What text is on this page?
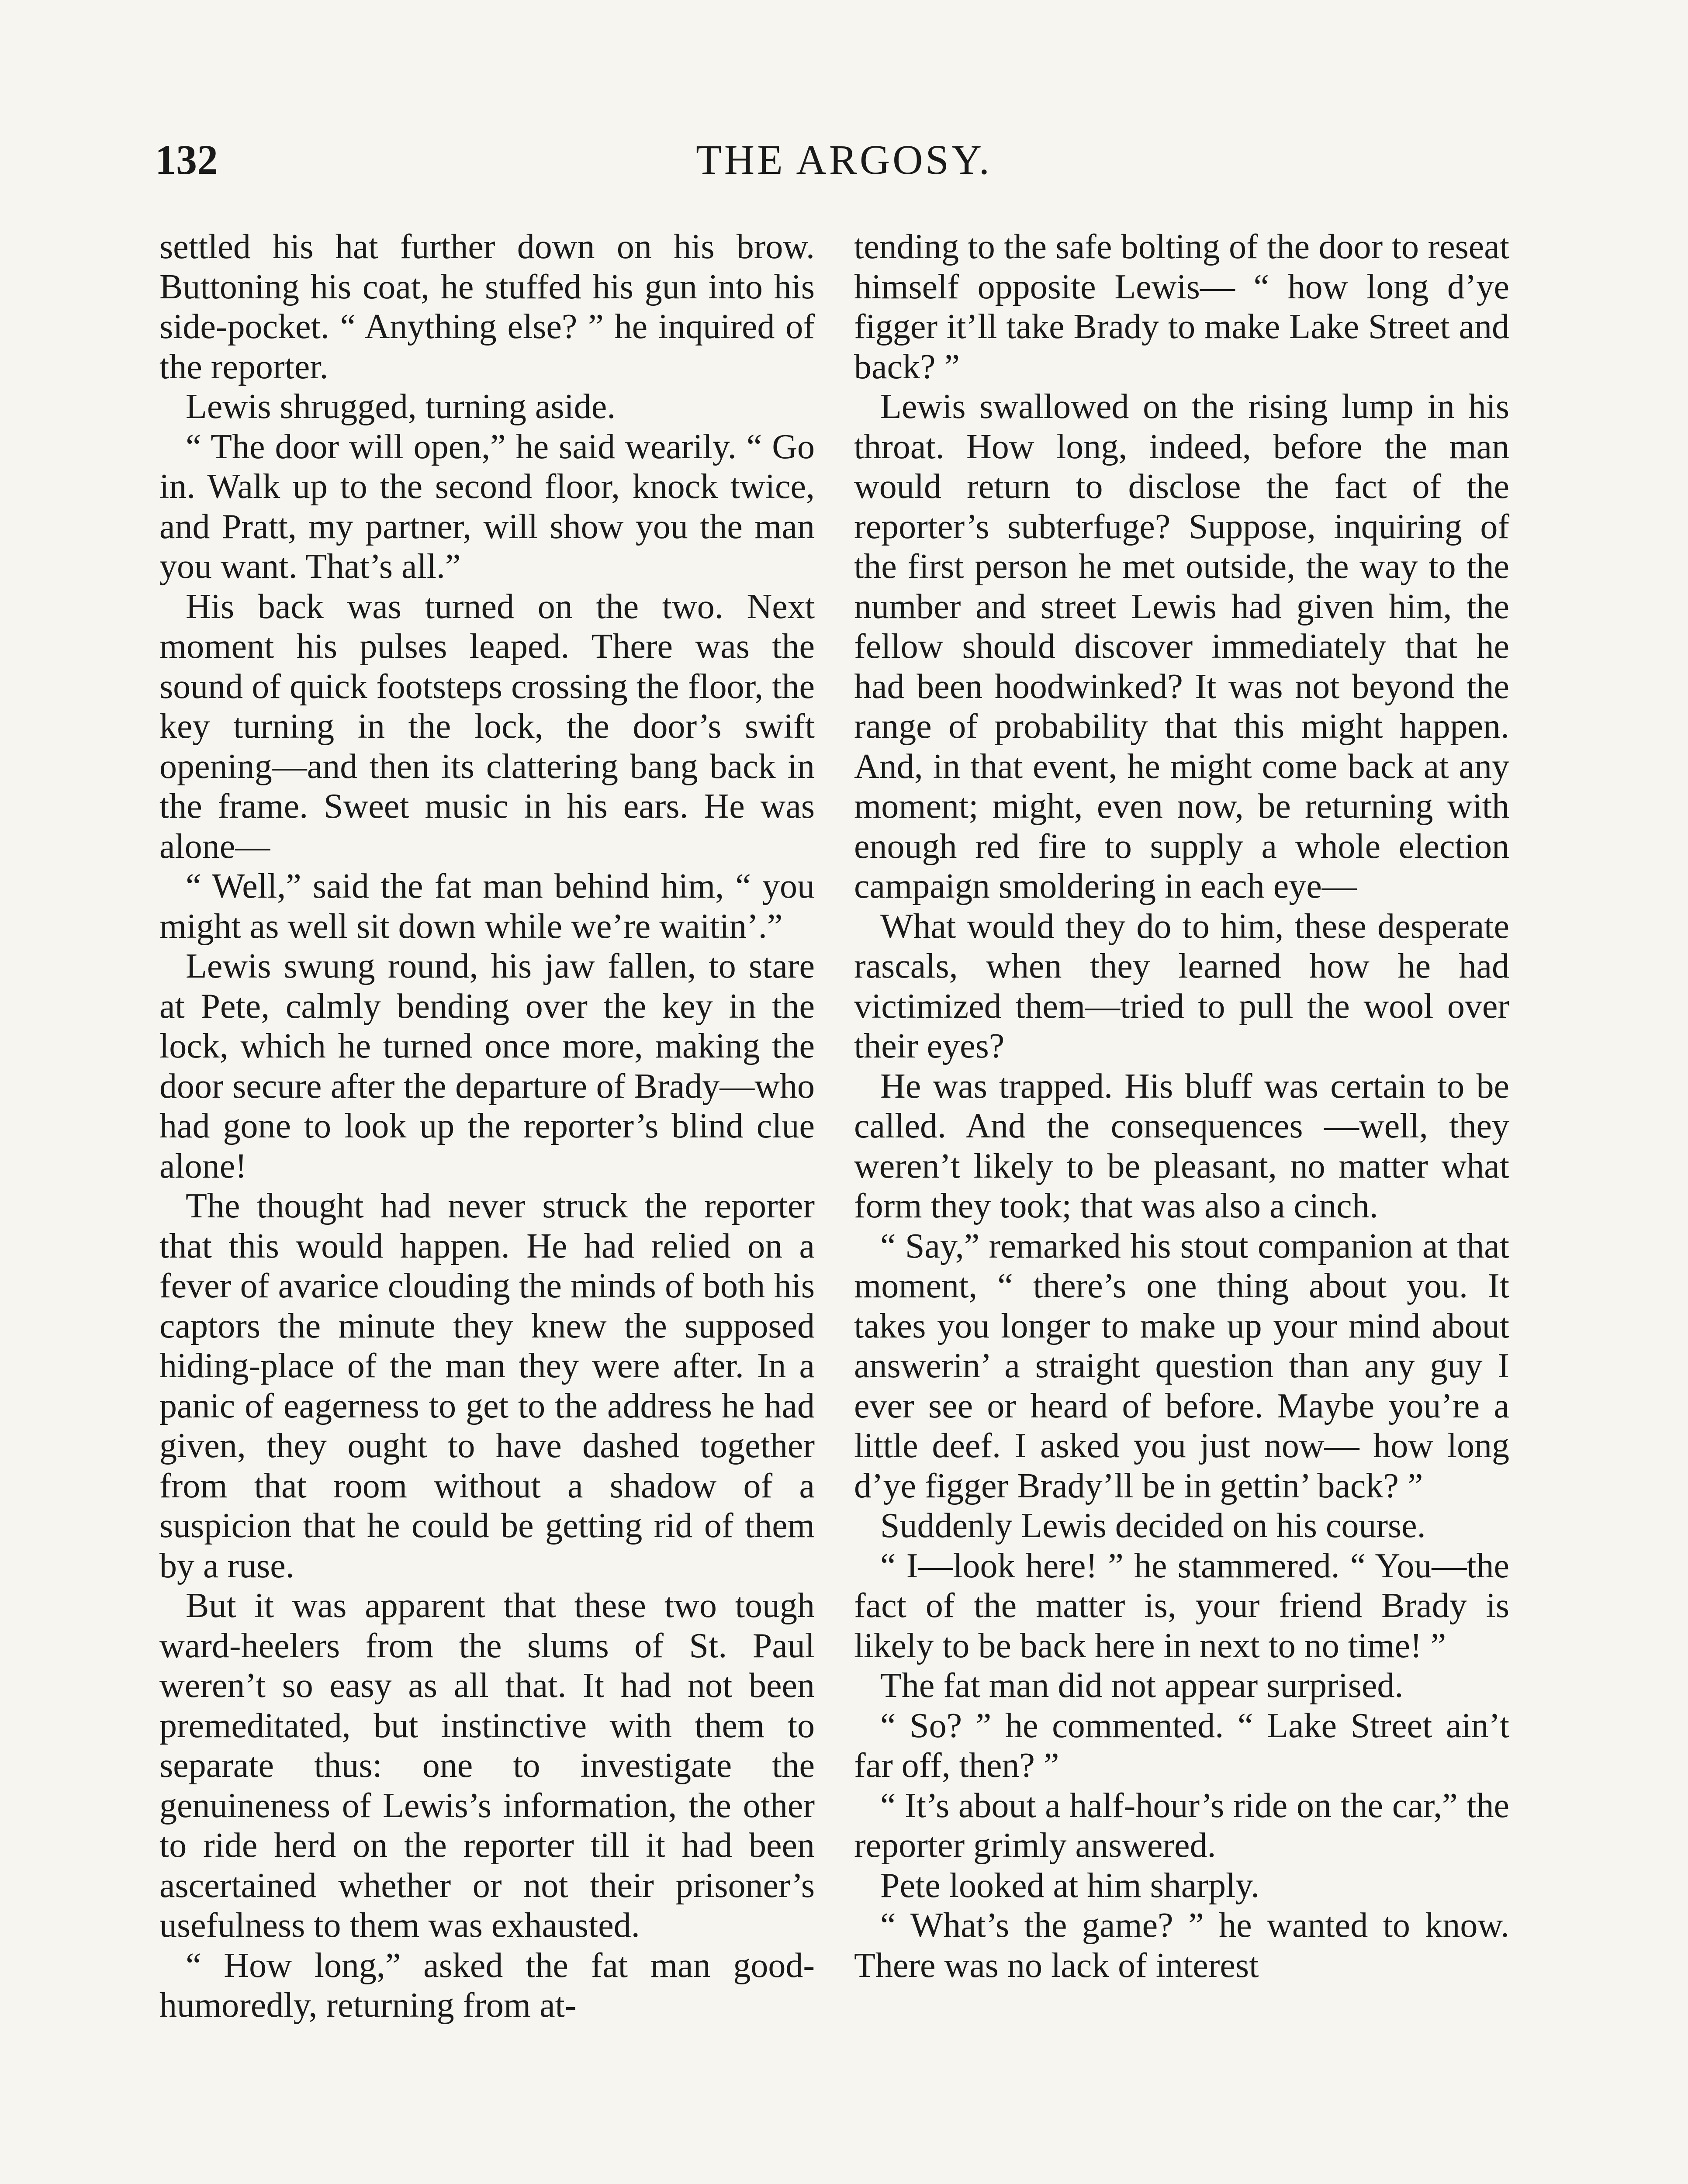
132	THE ARGOSY.

settled his hat further down on his brow. Buttoning his coat, he stuffed his gun into his side-pocket. “ Anything else? ” he inquired of the reporter.

Lewis shrugged, turning aside.

“ The door will open,” he said wearily. “ Go in. Walk up to the second floor, knock twice, and Pratt, my partner, will show you the man you want. That’s all.”

His back was turned on the two. Next moment his pulses leaped. There was the sound of quick footsteps crossing the floor, the key turning in the lock, the door’s swift opening—and then its clattering bang back in the frame. Sweet music in his ears. He was alone—

“ Well,” said the fat man behind him, “ you might as well sit down while we’re waitin’.”

Lewis swung round, his jaw fallen, to stare at Pete, calmly bending over the key in the lock, which he turned once more, making the door secure after the departure of Brady—who had gone to look up the reporter’s blind clue alone!

The thought had never struck the reporter that this would happen. He had relied on a fever of avarice clouding the minds of both his captors the minute they knew the supposed hiding-place of the man they were after. In a panic of eagerness to get to the address he had given, they ought to have dashed together from that room without a shadow of a suspicion that he could be getting rid of them by a ruse.

But it was apparent that these two tough ward-heelers from the slums of St. Paul weren’t so easy as all that. It had not been premeditated, but instinctive with them to separate thus: one to investigate the genuineness of Lewis’s information, the other to ride herd on the reporter till it had been ascertained whether or not their prisoner’s usefulness to them was exhausted.

“ How long,” asked the fat man good-humoredly, returning from at-

tending to the safe bolting of the door to reseat himself opposite Lewis— “ how long d’ye figger it’ll take Brady to make Lake Street and back? ”

Lewis swallowed on the rising lump in his throat. How long, indeed, before the man would return to disclose the fact of the reporter’s subterfuge? Suppose, inquiring of the first person he met outside, the way to the number and street Lewis had given him, the fellow should discover immediately that he had been hoodwinked? It was not beyond the range of probability that this might happen. And, in that event, he might come back at any moment; might, even now, be returning with enough red fire to supply a whole election campaign smoldering in each eye—

What would they do to him, these desperate rascals, when they learned how he had victimized them—tried to pull the wool over their eyes?

He was trapped. His bluff was certain to be called. And the consequences —well, they weren’t likely to be pleasant, no matter what form they took; that was also a cinch.

“ Say,” remarked his stout companion at that moment, “ there’s one thing about you. It takes you longer to make up your mind about answerin’ a straight question than any guy I ever see or heard of before. Maybe you’re a little deef. I asked you just now— how long d’ye figger Brady’ll be in gettin’ back? ”

Suddenly Lewis decided on his course.

“ I—look here! ” he stammered. “ You—the fact of the matter is, your friend Brady is likely to be back here in next to no time! ”

The fat man did not appear surprised.

“ So? ” he commented. “ Lake Street ain’t far off, then? ”

“ It’s about a half-hour’s ride on the car,” the reporter grimly answered.

Pete looked at him sharply.

“ What’s the game? ” he wanted to know. There was no lack of interest
